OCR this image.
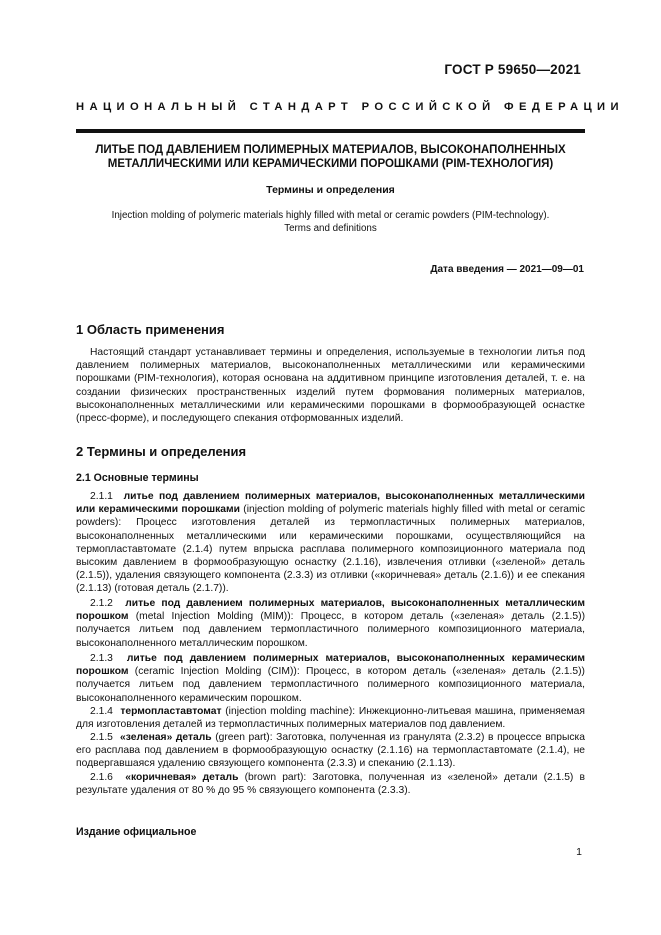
ГОСТ Р 59650—2021
НАЦИОНАЛЬНЫЙ СТАНДАРТ РОССИЙСКОЙ ФЕДЕРАЦИИ
ЛИТЬЕ ПОД ДАВЛЕНИЕМ ПОЛИМЕРНЫХ МАТЕРИАЛОВ, ВЫСОКОНАПОЛНЕННЫХ
МЕТАЛЛИЧЕСКИМИ ИЛИ КЕРАМИЧЕСКИМИ ПОРОШКАМИ (PIM-ТЕХНОЛОГИЯ)
Термины и определения
Injection molding of polymeric materials highly filled with metal or ceramic powders (PIM-technology).
Terms and definitions
Дата введения — 2021—09—01
1 Область применения
Настоящий стандарт устанавливает термины и определения, используемые в технологии литья под давлением полимерных материалов, высоконаполненных металлическими или керамическими порошками (PIM-технология), которая основана на аддитивном принципе изготовления деталей, т. е. на создании физических пространственных изделий путем формования полимерных материалов, высоконаполненных металлическими или керамическими порошками в формообразующей оснастке (пресс-форме), и последующего спекания отформованных изделий.
2 Термины и определения
2.1 Основные термины
2.1.1 литье под давлением полимерных материалов, высоконаполненных металлическими или керамическими порошками (injection molding of polymeric materials highly filled with metal or ceramic powders): Процесс изготовления деталей из термопластичных полимерных материалов, высоконаполненных металлическими или керамическими порошками, осуществляющийся на термопластавтомате (2.1.4) путем впрыска расплава полимерного композиционного материала под высоким давлением в формообразующую оснастку (2.1.16), извлечения отливки («зеленой» деталь (2.1.5)), удаления связующего компонента (2.3.3) из отливки («коричневая» деталь (2.1.6)) и ее спекания (2.1.13) (готовая деталь (2.1.7)).
2.1.2 литье под давлением полимерных материалов, высоконаполненных металлическим порошком (metal Injection Molding (MIM)): Процесс, в котором деталь («зеленая» деталь (2.1.5)) получается литьем под давлением термопластичного полимерного композиционного материала, высоконаполненного металлическим порошком.
2.1.3 литье под давлением полимерных материалов, высоконаполненных керамическим порошком (ceramic Injection Molding (CIM)): Процесс, в котором деталь («зеленая» деталь (2.1.5)) получается литьем под давлением термопластичного полимерного композиционного материала, высоконаполненного керамическим порошком.
2.1.4 термопластавтомат (injection molding machine): Инжекционно-литьевая машина, применяемая для изготовления деталей из термопластичных полимерных материалов под давлением.
2.1.5 «зеленая» деталь (green part): Заготовка, полученная из гранулята (2.3.2) в процессе впрыска его расплава под давлением в формообразующую оснастку (2.1.16) на термопластавтомате (2.1.4), не подвергавшаяся удалению связующего компонента (2.3.3) и спеканию (2.1.13).
2.1.6 «коричневая» деталь (brown part): Заготовка, полученная из «зеленой» детали (2.1.5) в результате удаления от 80 % до 95 % связующего компонента (2.3.3).
Издание официальное
1
